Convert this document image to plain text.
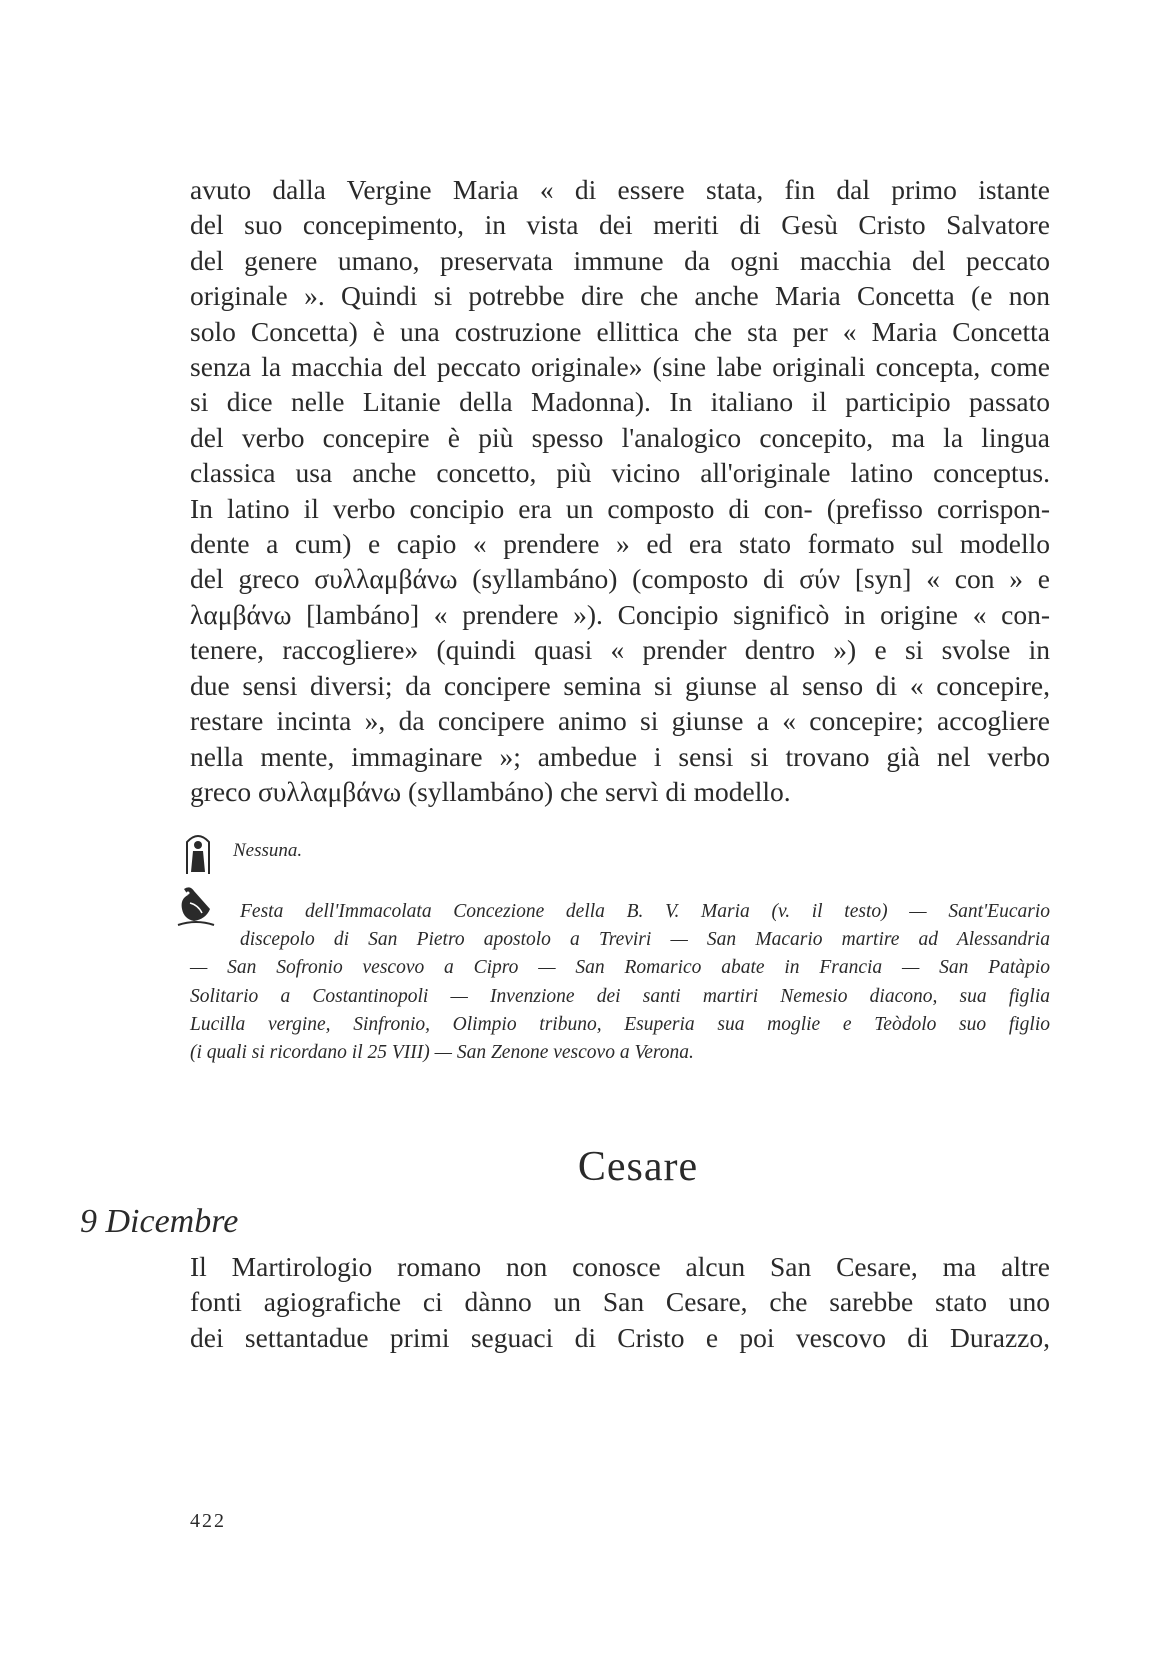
avuto dalla Vergine Maria « di essere stata, fin dal primo istante
del suo concepimento, in vista dei meriti di Gesù Cristo Salvatore
del genere umano, preservata immune da ogni macchia del peccato
originale ». Quindi si potrebbe dire che anche Maria Concetta (e non
solo Concetta) è una costruzione ellittica che sta per « Maria Concetta
senza la macchia del peccato originale» (sine labe originali concepta, come
si dice nelle Litanie della Madonna). In italiano il participio passato
del verbo concepire è più spesso l'analogico concepito, ma la lingua
classica usa anche concetto, più vicino all'originale latino conceptus.
In latino il verbo concipio era un composto di con- (prefisso corrispon-
dente a cum) e capio « prendere » ed era stato formato sul modello
del greco συλλαμβάνω (syllambáno) (composto di σύν [syn] « con » e
λαμβάνω [lambáno] « prendere »). Concipio significò in origine « con-
tenere, raccogliere» (quindi quasi « prender dentro ») e si svolse in
due sensi diversi; da concipere semina si giunse al senso di « concepire,
restare incinta », da concipere animo si giunse a « concepire; accogliere
nella mente, immaginare »; ambedue i sensi si trovano già nel verbo
greco συλλαμβάνω (syllambáno) che servì di modello.
Nessuna.
Festa dell'Immacolata Concezione della B. V. Maria (v. il testo) — Sant'Eucario
discepolo di San Pietro apostolo a Treviri — San Macario martire ad Alessandria
— San Sofronio vescovo a Cipro — San Romarico abate in Francia — San Patàpio
Solitario a Costantinopoli — Invenzione dei santi martiri Nemesio diacono, sua figlia
Lucilla vergine, Sinfronio, Olimpio tribuno, Esuperia sua moglie e Teòdolo suo figlio
(i quali si ricordano il 25 VIII) — San Zenone vescovo a Verona.
Cesare
9 Dicembre
Il Martirologio romano non conosce alcun San Cesare, ma altre
fonti agiografiche ci dànno un San Cesare, che sarebbe stato uno
dei settantadue primi seguaci di Cristo e poi vescovo di Durazzo,
422
